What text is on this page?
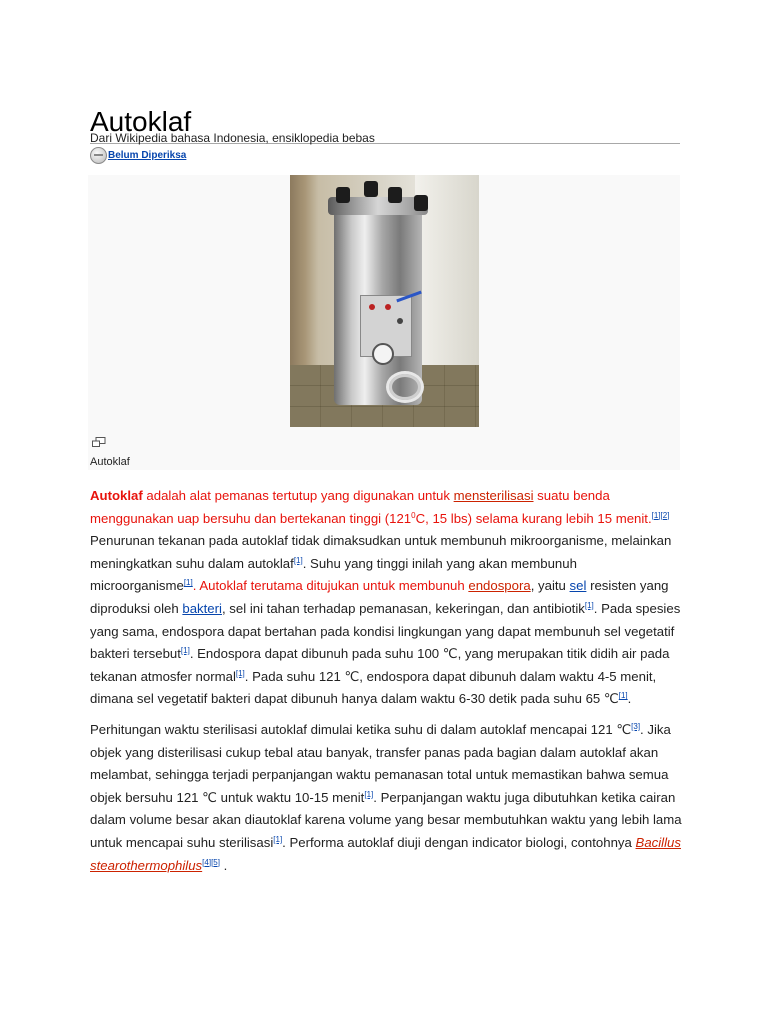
Autoklaf
Dari Wikipedia bahasa Indonesia, ensiklopedia bebas
Belum Diperiksa
Autoklaf

Autoklaf adalah alat pemanas tertutup yang digunakan untuk mensterilisasi suatu benda menggunakan uap bersuhu dan bertekanan tinggi ($121^0C$, 15 lbs) selama kurang lebih 15 menit.[1][2] Penurunan tekanan pada autoklaf tidak dimaksudkan untuk membunuh mikroorganisme, melainkan meningkatkan suhu dalam autoklaf[1]. Suhu yang tinggi inilah yang akan membunuh microorganisme[1]. Autoklaf terutama ditujukan untuk membunuh endospora, yaitu sel resisten yang diproduksi oleh bakteri, sel ini tahan terhadap pemanasan, kekeringan, dan antibiotik[1]. Pada spesies yang sama, endospora dapat bertahan pada kondisi lingkungan yang dapat membunuh sel vegetatif bakteri tersebut[1]. Endospora dapat dibunuh pada suhu 100 ℃, yang merupakan titik didih air pada tekanan atmosfer normal[1]. Pada suhu 121 ℃, endospora dapat dibunuh dalam waktu 4-5 menit, dimana sel vegetatif bakteri dapat dibunuh hanya dalam waktu 6-30 detik pada suhu 65 ℃[1].

Perhitungan waktu sterilisasi autoklaf dimulai ketika suhu di dalam autoklaf mencapai 121 ℃[3]. Jika objek yang disterilisasi cukup tebal atau banyak, transfer panas pada bagian dalam autoklaf akan melambat, sehingga terjadi perpanjangan waktu pemanasan total untuk memastikan bahwa semua objek bersuhu 121 ℃ untuk waktu 10-15 menit[1]. Perpanjangan waktu juga dibutuhkan ketika cairan dalam volume besar akan diautoklaf karena volume yang besar membutuhkan waktu yang lebih lama untuk mencapai suhu sterilisasi[1]. Performa autoklaf diuji dengan indicator biologi, contohnya Bacillus stearothermophilus[4][5] .
